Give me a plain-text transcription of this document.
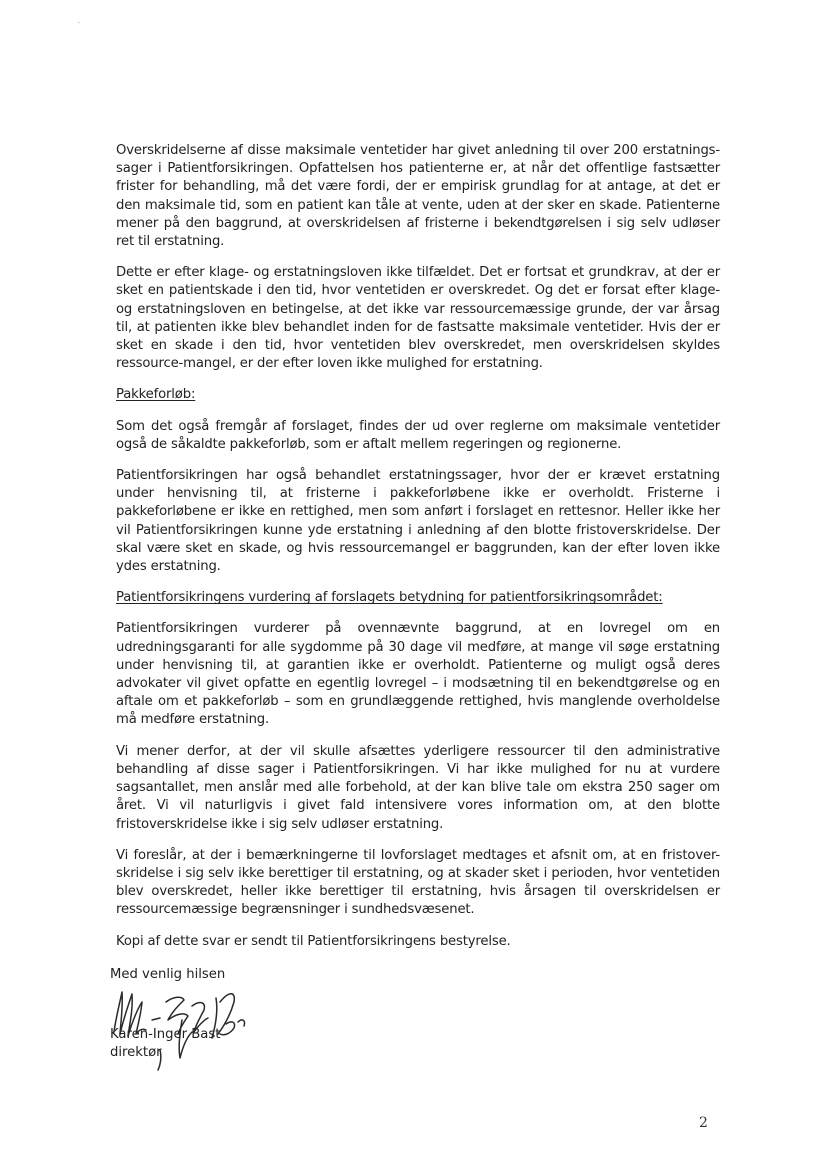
Overskridelserne af disse maksimale ventetider har givet anledning til over 200 erstatnings-sager i Patientforsikringen. Opfattelsen hos patienterne er, at når det offentlige fastsætter frister for behandling, må det være fordi, der er empirisk grundlag for at antage, at det er den maksimale tid, som en patient kan tåle at vente, uden at der sker en skade. Patienterne mener på den baggrund, at overskridelsen af fristerne i bekendtgørelsen i sig selv udløser ret til erstatning.

Dette er efter klage- og erstatningsloven ikke tilfældet. Det er fortsat et grundkrav, at der er sket en patientskade i den tid, hvor ventetiden er overskredet. Og det er forsat efter klage- og erstatningsloven en betingelse, at det ikke var ressourcemæssige grunde, der var årsag til, at patienten ikke blev behandlet inden for de fastsatte maksimale ventetider. Hvis der er sket en skade i den tid, hvor ventetiden blev overskredet, men overskridelsen skyldes ressource-mangel, er der efter loven ikke mulighed for erstatning.

Pakkeforløb:

Som det også fremgår af forslaget, findes der ud over reglerne om maksimale ventetider også de såkaldte pakkeforløb, som er aftalt mellem regeringen og regionerne.

Patientforsikringen har også behandlet erstatningssager, hvor der er krævet erstatning under henvisning til, at fristerne i pakkeforløbene ikke er overholdt. Fristerne i pakkeforløbene er ikke en rettighed, men som anført i forslaget en rettesnor. Heller ikke her vil Patientforsikringen kunne yde erstatning i anledning af den blotte fristoverskridelse. Der skal være sket en skade, og hvis ressourcemangel er baggrunden, kan der efter loven ikke ydes erstatning.

Patientforsikringens vurdering af forslagets betydning for patientforsikringsområdet:

Patientforsikringen vurderer på ovennævnte baggrund, at en lovregel om en udredningsgaranti for alle sygdomme på 30 dage vil medføre, at mange vil søge erstatning under henvisning til, at garantien ikke er overholdt. Patienterne og muligt også deres advokater vil givet opfatte en egentlig lovregel – i modsætning til en bekendtgørelse og en aftale om et pakkeforløb – som en grundlæggende rettighed, hvis manglende overholdelse må medføre erstatning.

Vi mener derfor, at der vil skulle afsættes yderligere ressourcer til den administrative behandling af disse sager i Patientforsikringen. Vi har ikke mulighed for nu at vurdere sagsantallet, men anslår med alle forbehold, at der kan blive tale om ekstra 250 sager om året. Vi vil naturligvis i givet fald intensivere vores information om, at den blotte fristoverskridelse ikke i sig selv udløser erstatning.

Vi foreslår, at der i bemærkningerne til lovforslaget medtages et afsnit om, at en fristover-skridelse i sig selv ikke berettiger til erstatning, og at skader sket i perioden, hvor ventetiden blev overskredet, heller ikke berettiger til erstatning, hvis årsagen til overskridelsen er ressourcemæssige begrænsninger i sundhedsvæsenet.

Kopi af dette svar er sendt til Patientforsikringens bestyrelse.

Med venlig hilsen
Karen-Inger Bast
direktør
2
